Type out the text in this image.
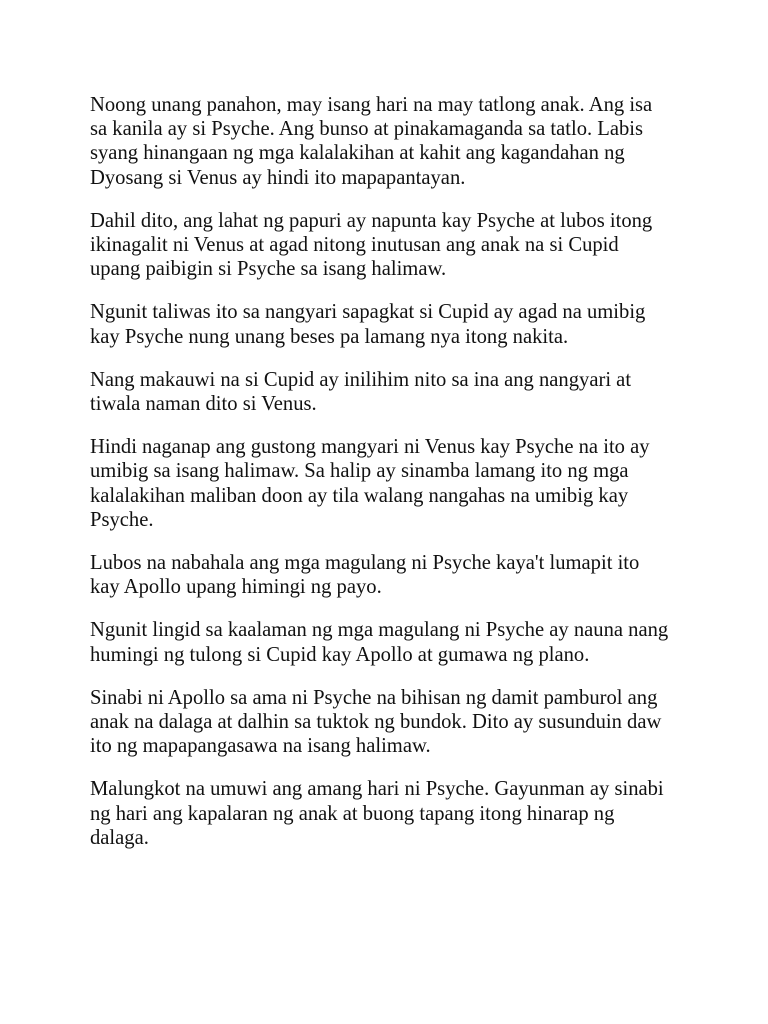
Noong unang panahon, may isang hari na may tatlong anak. Ang isa
sa kanila ay si Psyche. Ang bunso at pinakamaganda sa tatlo. Labis
syang hinangaan ng mga kalalakihan at kahit ang kagandahan ng
Dyosang si Venus ay hindi ito mapapantayan.

Dahil dito, ang lahat ng papuri ay napunta kay Psyche at lubos itong
ikinagalit ni Venus at agad nitong inutusan ang anak na si Cupid
upang paibigin si Psyche sa isang halimaw.

Ngunit taliwas ito sa nangyari sapagkat si Cupid ay agad na umibig
kay Psyche nung unang beses pa lamang nya itong nakita.

Nang makauwi na si Cupid ay inilihim nito sa ina ang nangyari at
tiwala naman dito si Venus.

Hindi naganap ang gustong mangyari ni Venus kay Psyche na ito ay
umibig sa isang halimaw. Sa halip ay sinamba lamang ito ng mga
kalalakihan maliban doon ay tila walang nangahas na umibig kay
Psyche.

Lubos na nabahala ang mga magulang ni Psyche kaya't lumapit ito
kay Apollo upang himingi ng payo.

Ngunit lingid sa kaalaman ng mga magulang ni Psyche ay nauna nang
humingi ng tulong si Cupid kay Apollo at gumawa ng plano.

Sinabi ni Apollo sa ama ni Psyche na bihisan ng damit pamburol ang
anak na dalaga at dalhin sa tuktok ng bundok. Dito ay susunduin daw
ito ng mapapangasawa na isang halimaw.

Malungkot na umuwi ang amang hari ni Psyche. Gayunman ay sinabi
ng hari ang kapalaran ng anak at buong tapang itong hinarap ng
dalaga.
